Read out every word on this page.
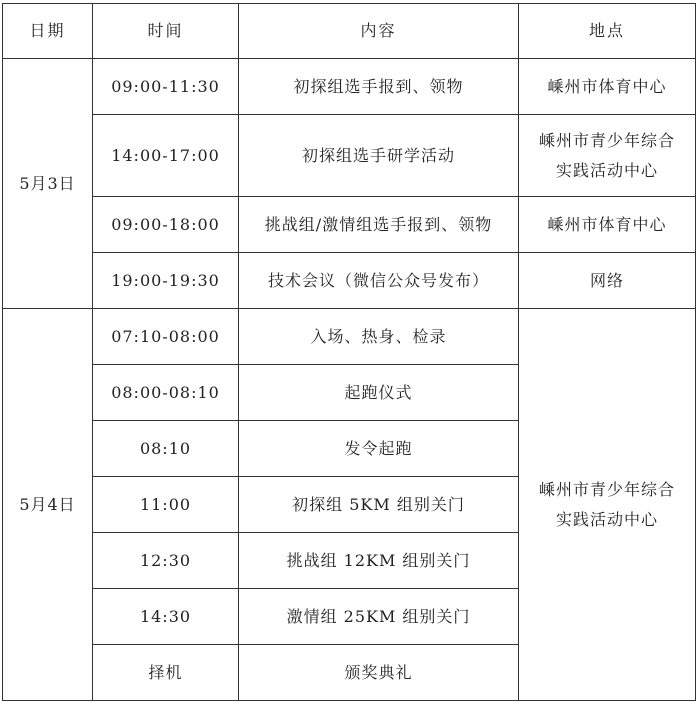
日期	时间	内容	地点
5月3日	09:00-11:30	初探组选手报到、领物	嵊州市体育中心

	14:00-17:00	初探组选手研学活动	嵊州市青少年综合
实践活动中心

	09:00-18:00	挑战组/激情组选手报到、领物	嵊州市体育中心

	19:00-19:30	技术会议（微信公众号发布）	网络

5月4日	07:10-08:00	入场、热身、检录	嵊州市青少年综合
实践活动中心

	08:00-08:10	起跑仪式	
	08:10	发令起跑	
	11:00	初探组 5KM 组别关门	
	12:30	挑战组 12KM 组别关门	
	14:30	激情组 25KM 组别关门	
	择机	颁奖典礼	
